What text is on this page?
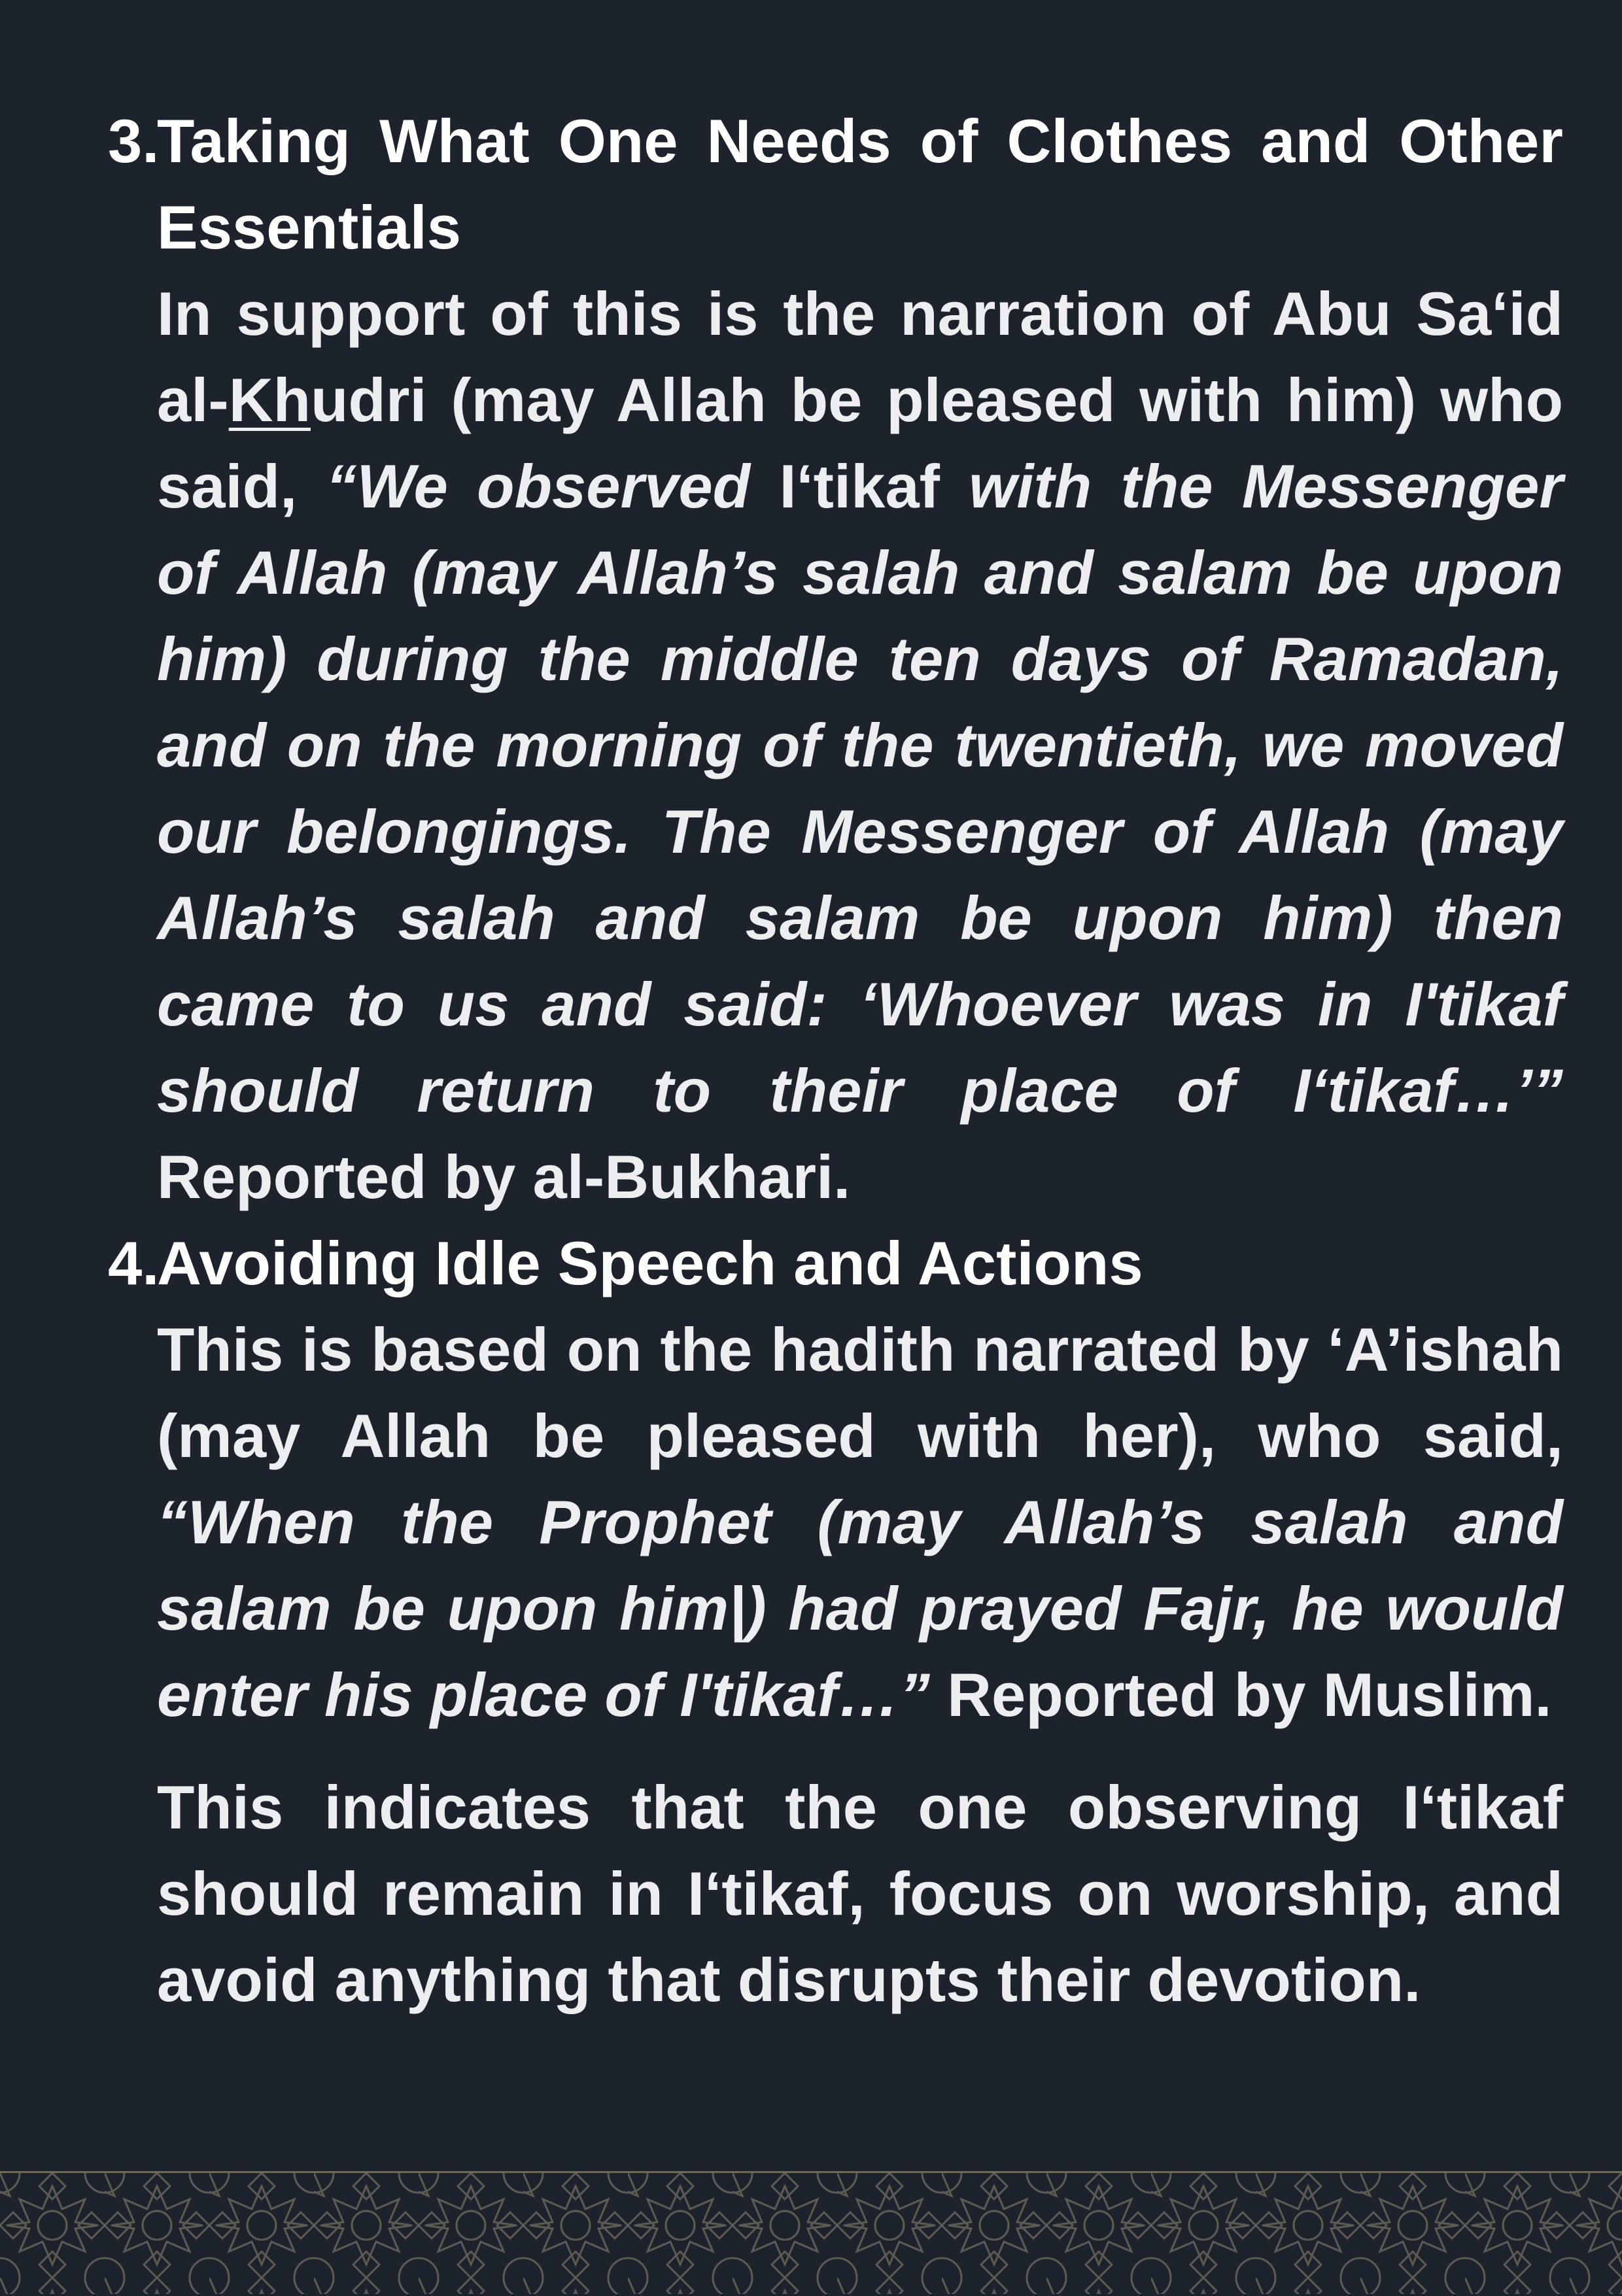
3.
Taking What One Needs of Clothes and Other Essentials

In support of this is the narration of Abu Sa‘id al-Khudri (may Allah be pleased with him) who said, “We observed I‘tikaf with the Messenger of Allah (may Allah’s salah and salam be upon him) during the middle ten days of Ramadan, and on the morning of the twentieth, we moved our belongings. The Messenger of Allah (may Allah’s salah and salam be upon him) then came to us and said: ‘Whoever was in I'tikaf should return to their place of I‘tikaf…’” Reported by al-Bukhari.

4.
Avoiding Idle Speech and Actions

This is based on the hadith narrated by ‘A’ishah (may Allah be pleased with her), who said, “When the Prophet (may Allah’s salah and salam be upon him|) had prayed Fajr, he would enter his place of I'tikaf…” Reported by Muslim.

This indicates that the one observing I‘tikaf should remain in I‘tikaf, focus on worship, and avoid anything that disrupts their devotion.
